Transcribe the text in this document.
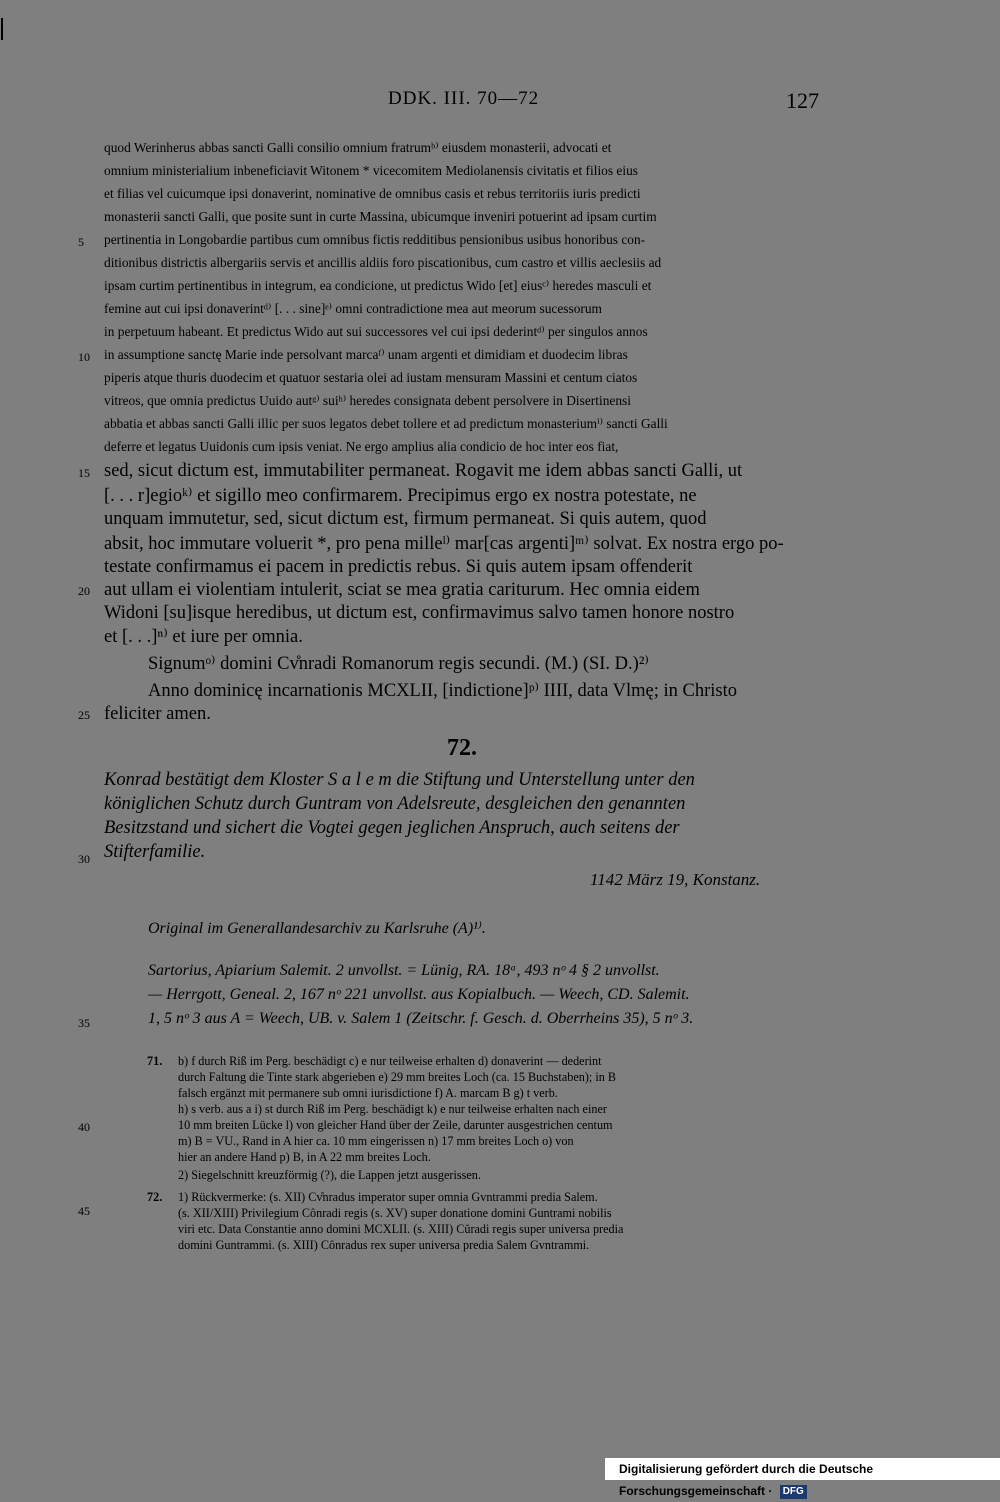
DDK. III. 70—72	127
quod Werinherus abbas sancti Galli consilio omnium fratrumᵇ⁾ eiusdem monasterii, advocati et
omnium ministerialium inbeneficiavit Witonem * vicecomitem Mediolanensis civitatis et filios eius
et filias vel cuicumque ipsi donaverint, nominative de omnibus casis et rebus territoriis iuris predicti
monasterii sancti Galli, que posite sunt in curte Massina, ubicumque inveniri potuerint ad ipsam curtim
pertinentia in Longobardie partibus cum omnibus fictis redditibus pensionibus usibus honoribus con-
ditionibus districtis albergariis servis et ancillis aldiis foro piscationibus, cum castro et villis aeclesiis ad
ipsam curtim pertinentibus in integrum, ea condicione, ut predictus Wido [et] eiusᶜ⁾ heredes masculi et
femine aut cui ipsi donaverintᵈ⁾ [. . . sine]ᵉ⁾ omni contradictione mea aut meorum sucessorum
in perpetuum habeant. Et predictus Wido aut sui successores vel cui ipsi dederintᵈ⁾ per singulos annos
in assumptione sanctę Marie inde persolvant marcaᶠ⁾ unam argenti et dimidiam et duodecim libras
piperis atque thuris duodecim et quatuor sestaria olei ad iustam mensuram Massini et centum ciatos
vitreos, que omnia predictus Uuido autᵍ⁾ suiʰ⁾ heredes consignata debent persolvere in Disertinensi
abbatia et abbas sancti Galli illic per suos legatos debet tollere et ad predictum monasteriumⁱ⁾ sancti Galli
deferre et legatus Uuidonis cum ipsis veniat. Ne ergo amplius alia condicio de hoc inter eos fiat,
sed, sicut dictum est, immutabiliter permaneat. Rogavit me idem abbas sancti Galli, ut
[. . . r]egioᵏ⁾ et sigillo meo confirmarem. Precipimus ergo ex nostra potestate, ne
unquam immutetur, sed, sicut dictum est, firmum permaneat. Si quis autem, quod
absit, hoc immutare voluerit *, pro pena milleˡ⁾ mar[cas argenti]ᵐ⁾ solvat. Ex nostra ergo po-
testate confirmamus ei pacem in predictis rebus. Si quis autem ipsam offenderit
aut ullam ei violentiam intulerit, sciat se mea gratia cariturum. Hec omnia eidem
Widoni [su]isque heredibus, ut dictum est, confirmavimus salvo tamen honore nostro
et [. . .]ⁿ⁾ et iure per omnia.
Signumᵒ⁾ domini Cv̊nradi Romanorum regis secundi. (M.) (SI. D.)²⁾
Anno dominicę incarnationis MCXLII, [indictione]ᵖ⁾ IIII, data Vlmę; in Christo
feliciter amen.
5
10
15
20
25
30
35
40
45
72.
Konrad bestätigt dem Kloster S a l e m die Stiftung und Unterstellung unter den
königlichen Schutz durch Guntram von Adelsreute, desgleichen den genannten
Besitzstand und sichert die Vogtei gegen jeglichen Anspruch, auch seitens der
Stifterfamilie.
1142 März 19, Konstanz.
Original im Generallandesarchiv zu Karlsruhe (A)¹⁾.
Sartorius, Apiarium Salemit. 2 unvollst. = Lünig, RA. 18ᵃ, 493 nᵒ 4 § 2 unvollst.
— Herrgott, Geneal. 2, 167 nᵒ 221 unvollst. aus Kopialbuch. — Weech, CD. Salemit.
1, 5 nᵒ 3 aus A = Weech, UB. v. Salem 1 (Zeitschr. f. Gesch. d. Oberrheins 35), 5 nᵒ 3.
71. b) f durch Riß im Perg. beschädigt c) e nur teilweise erhalten d) donaverint — dederint
durch Faltung die Tinte stark abgerieben e) 29 mm breites Loch (ca. 15 Buchstaben); in B
falsch ergänzt mit permanere sub omni iurisdictione f) A. marcam B g) t verb.
h) s verb. aus a i) st durch Riß im Perg. beschädigt k) e nur teilweise erhalten nach einer
10 mm breiten Lücke l) von gleicher Hand über der Zeile, darunter ausgestrichen centum
m) B = VU., Rand in A hier ca. 10 mm eingerissen n) 17 mm breites Loch o) von
hier an andere Hand p) B, in A 22 mm breites Loch.
2) Siegelschnitt kreuzförmig (?), die Lappen jetzt ausgerissen.
72. 1) Rückvermerke: (s. XII) Cv̊nradus imperator super omnia Gvntrammi predia Salem.
(s. XII/XIII) Privilegium Cônradi regis (s. XV) super donatione domini Guntrami nobilis
viri etc. Data Constantie anno domini MCXLII. (s. XIII) Cŭradi regis super universa predia
domini Guntrammi. (s. XIII) Cônradus rex super universa predia Salem Gvntrammi.
Digitalisierung gefördert durch die Deutsche Forschungsgemeinschaft · DFG
